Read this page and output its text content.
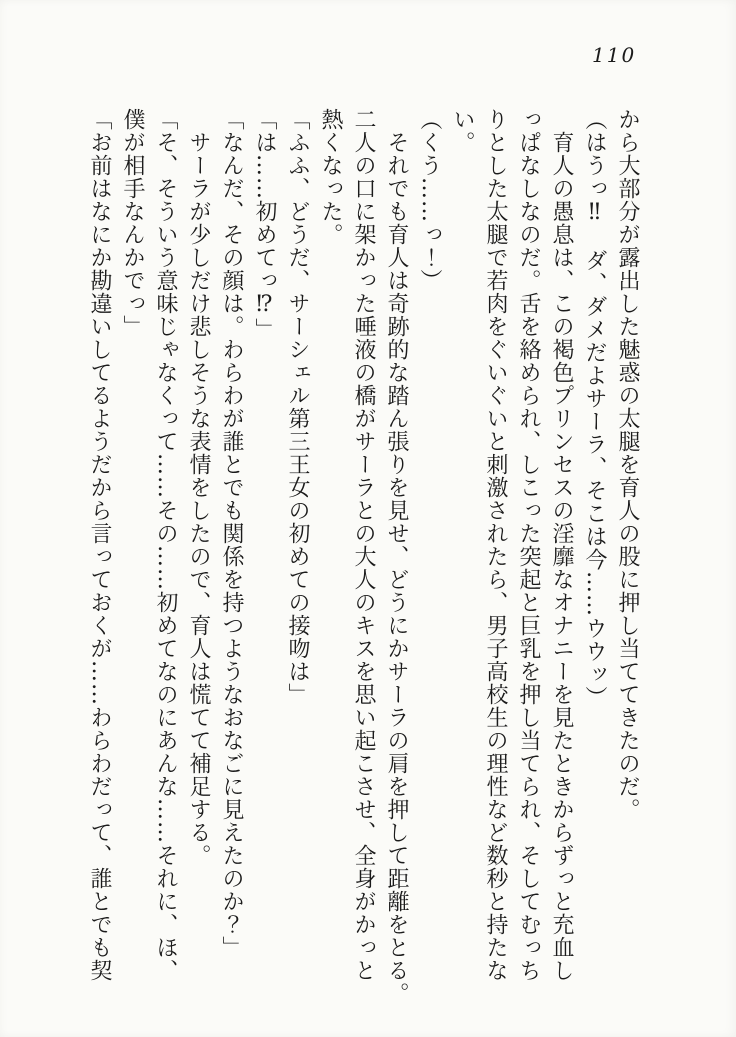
110
から大部分が露出した魅惑の太腿を育人の股に押し当ててきたのだ。
（はうっ‼　ダ、ダメだよサーラ、そこは今……ウウッ）
育人の愚息は、この褐色プリンセスの淫靡なオナニーを見たときからずっと充血し
っぱなしなのだ。舌を絡められ、しこった突起と巨乳を押し当てられ、そしてむっち
りとした太腿で若肉をぐいぐいと刺激されたら、男子高校生の理性など数秒と持たな
い。
（くう……っ！）
それでも育人は奇跡的な踏ん張りを見せ、どうにかサーラの肩を押して距離をとる。
二人の口に架かった唾液の橋がサーラとの大人のキスを思い起こさせ、全身がかっと
熱くなった。
「ふふ、どうだ、サーシェル第三王女の初めての接吻は」
「は……初めてっ⁉」
「なんだ、その顔は。わらわが誰とでも関係を持つようなおなごに見えたのか？」
サーラが少しだけ悲しそうな表情をしたので、育人は慌てて補足する。
「そ、そういう意味じゃなくって……その……初めてなのにあんな……それに、ほ、
僕が相手なんかでっ」
「お前はなにか勘違いしてるようだから言っておくが……わらわだって、誰とでも契
